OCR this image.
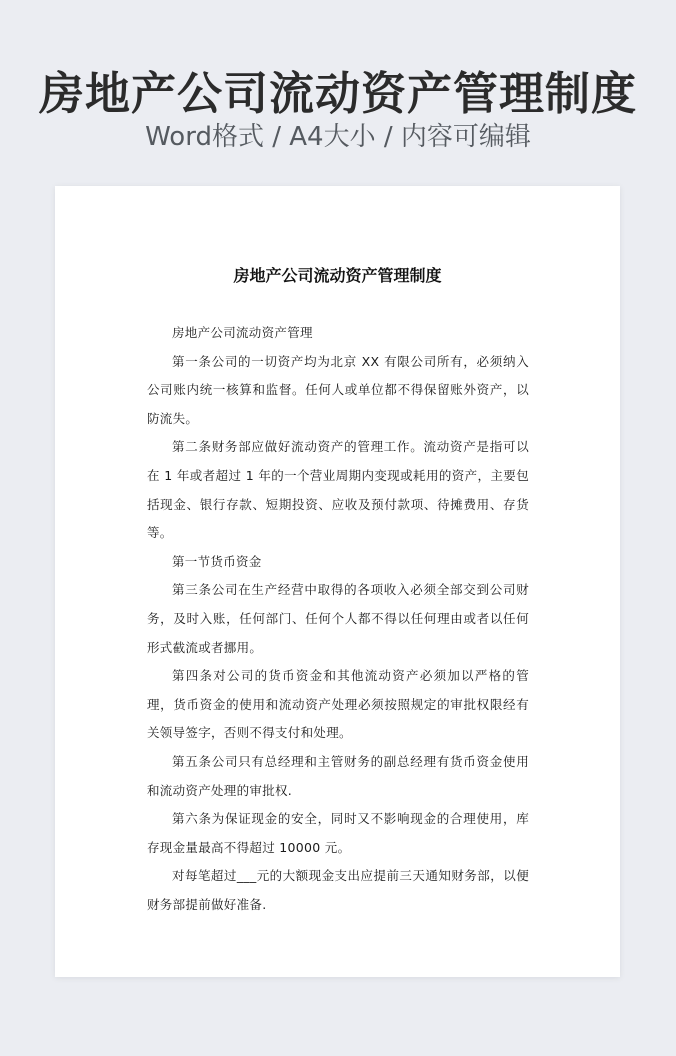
房地产公司流动资产管理制度
Word格式 / A4大小 / 内容可编辑
房地产公司流动资产管理制度

房地产公司流动资产管理

第一条公司的一切资产均为北京 XX 有限公司所有，必须纳入公司账内统一核算和监督。任何人或单位都不得保留账外资产，以防流失。

第二条财务部应做好流动资产的管理工作。流动资产是指可以在 1 年或者超过 1 年的一个营业周期内变现或耗用的资产，主要包括现金、银行存款、短期投资、应收及预付款项、待摊费用、存货等。

第一节货币资金

第三条公司在生产经营中取得的各项收入必须全部交到公司财务，及时入账，任何部门、任何个人都不得以任何理由或者以任何形式截流或者挪用。

第四条对公司的货币资金和其他流动资产必须加以严格的管理，货币资金的使用和流动资产处理必须按照规定的审批权限经有关领导签字，否则不得支付和处理。

第五条公司只有总经理和主管财务的副总经理有货币资金使用和流动资产处理的审批权.

第六条为保证现金的安全，同时又不影响现金的合理使用，库存现金量最高不得超过 10000 元。

对每笔超过___元的大额现金支出应提前三天通知财务部，以便财务部提前做好准备.
